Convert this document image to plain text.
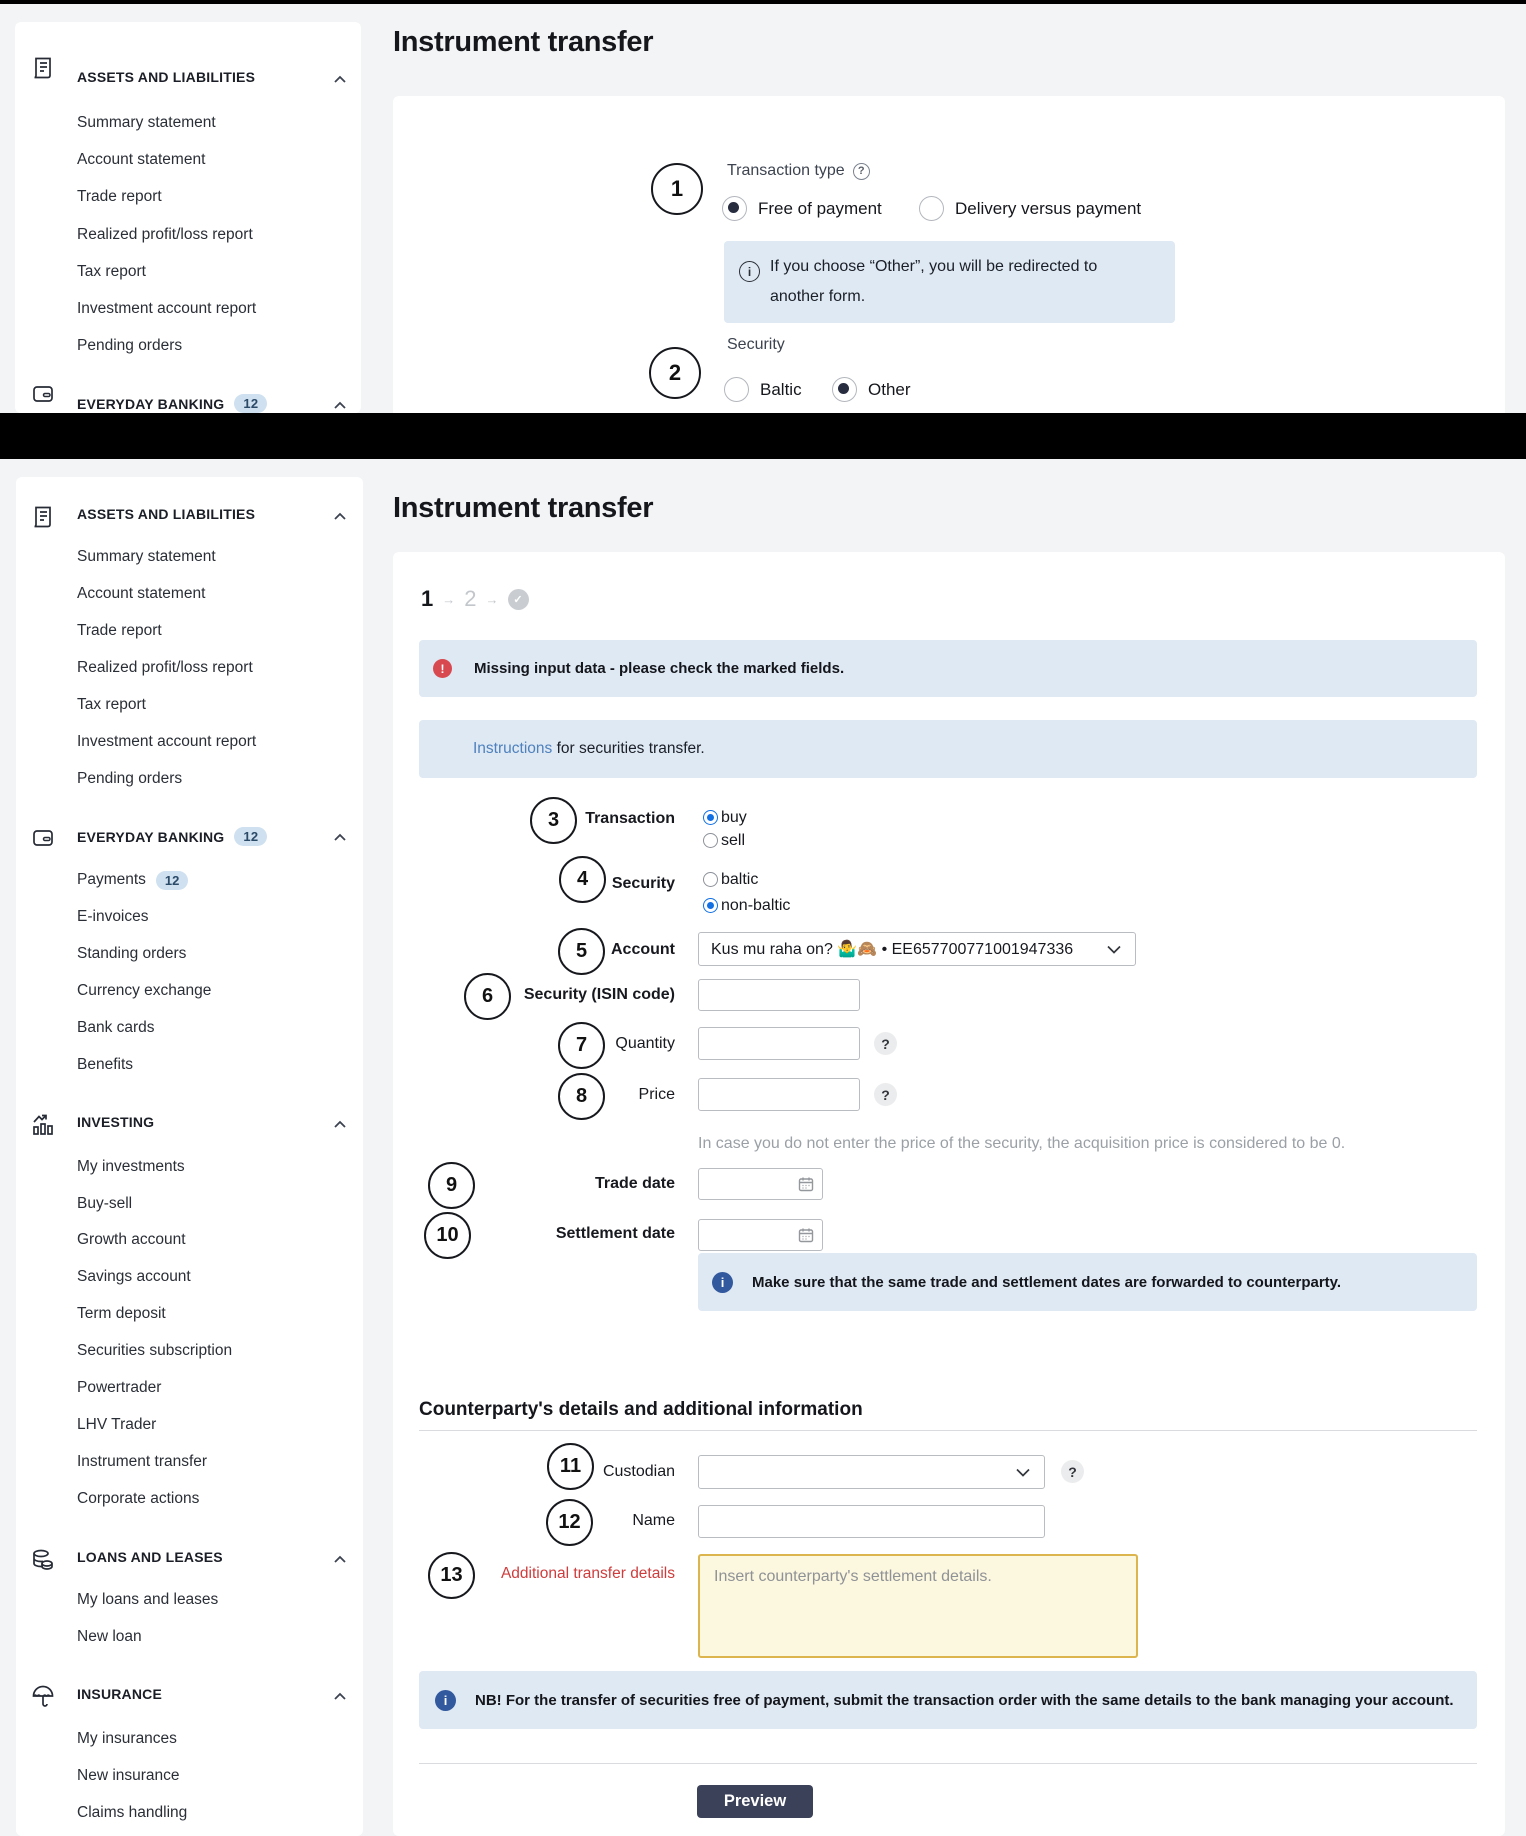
ASSETS AND LIABILITIES
Summary statement
Account statement
Trade report
Realized profit/loss report
Tax report
Investment account report
Pending orders
EVERYDAY BANKING	12
Instrument transfer
1
Transaction type	?
Free of payment	Delivery versus payment
i If you choose “Other”, you will be redirected to another form.
2
Security
Baltic	Other
ASSETS AND LIABILITIES
Summary statement
Account statement
Trade report
Realized profit/loss report
Tax report
Investment account report
Pending orders
EVERYDAY BANKING	12
Payments	12
E-invoices
Standing orders
Currency exchange
Bank cards
Benefits
INVESTING
My investments
Buy-sell
Growth account
Savings account
Term deposit
Securities subscription
Powertrader
LHV Trader
Instrument transfer
Corporate actions
LOANS AND LEASES
My loans and leases
New loan
INSURANCE
My insurances
New insurance
Claims handling
Instrument transfer
1 → 2 →	✓
!	Missing input data - please check the marked fields.
Instructions for securities transfer.
3 Transaction	buy
sell
4 Security	baltic
non-baltic
5 Account Kus mu raha on? 🤷‍♂️🙈 • EE657700771001947336
6 Security (ISIN code)
7 Quantity	?
8	Price	?
In case you do not enter the price of the security, the acquisition price is considered to be 0.
9	Trade date
10	Settlement date
i	Make sure that the same trade and settlement dates are forwarded to counterparty.
Counterparty's details and additional information
11 Custodian	?
12	Name
13 Additional transfer details
Insert counterparty's settlement details.
i	NB! For the transfer of securities free of payment, submit the transaction order with the same details to the bank managing your account.
Preview
